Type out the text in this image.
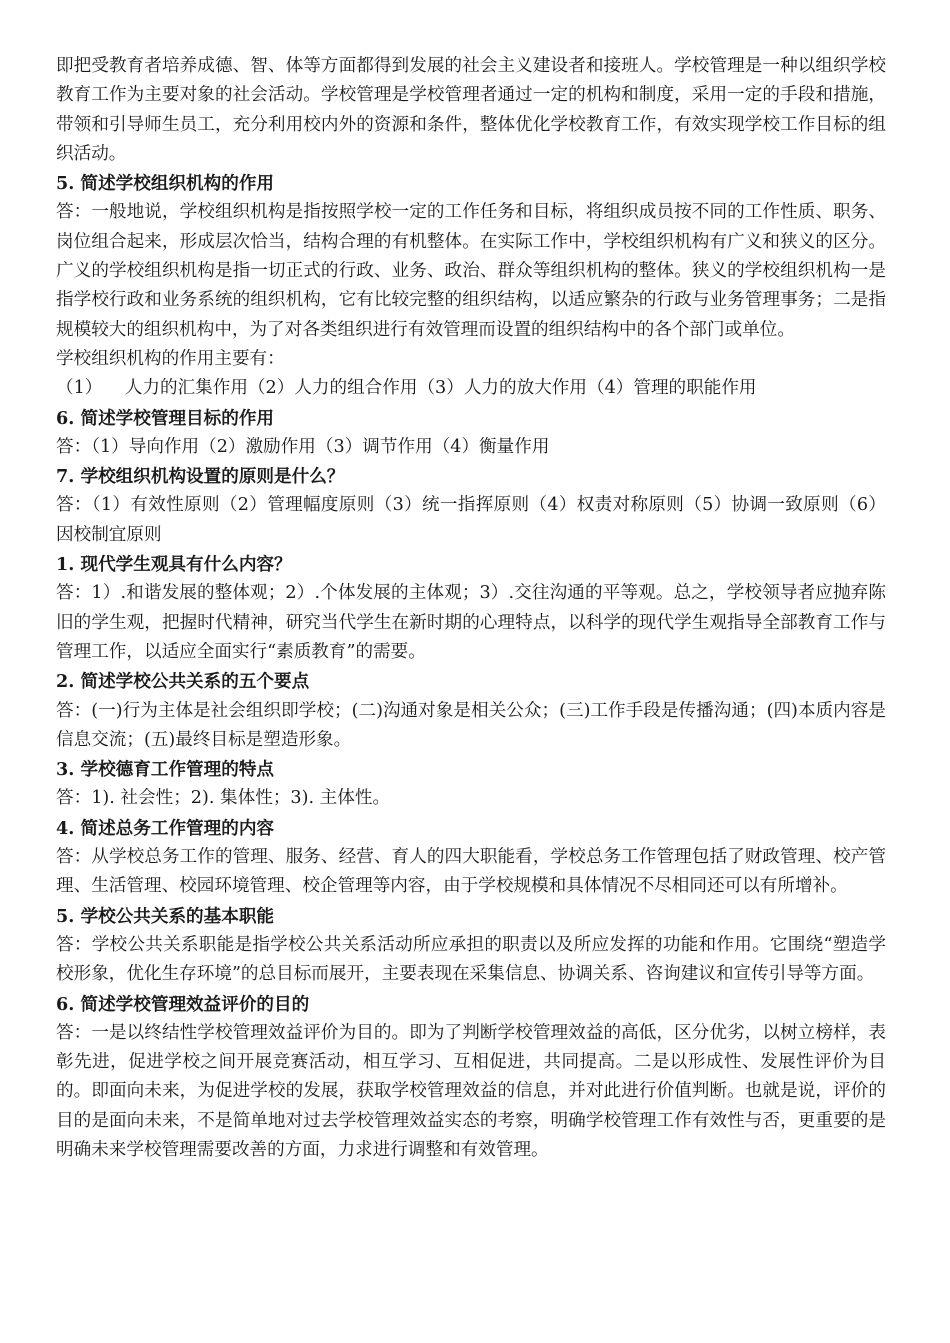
即把受教育者培养成德、智、体等方面都得到发展的社会主义建设者和接班人。学校管理是一种以组织学校教育工作为主要对象的社会活动。学校管理是学校管理者通过一定的机构和制度，采用一定的手段和措施，带领和引导师生员工，充分利用校内外的资源和条件，整体优化学校教育工作，有效实现学校工作目标的组织活动。

5. 简述学校组织机构的作用

答：一般地说，学校组织机构是指按照学校一定的工作任务和目标，将组织成员按不同的工作性质、职务、岗位组合起来，形成层次恰当，结构合理的有机整体。在实际工作中，学校组织机构有广义和狭义的区分。广义的学校组织机构是指一切正式的行政、业务、政治、群众等组织机构的整体。狭义的学校组织机构一是指学校行政和业务系统的组织机构，它有比较完整的组织结构，以适应繁杂的行政与业务管理事务；二是指规模较大的组织机构中，为了对各类组织进行有效管理而设置的组织结构中的各个部门或单位。

学校组织机构的作用主要有：

（1）    人力的汇集作用（2）人力的组合作用（3）人力的放大作用（4）管理的职能作用

6. 简述学校管理目标的作用

答：（1）导向作用（2）激励作用（3）调节作用（4）衡量作用

7. 学校组织机构设置的原则是什么？

答：（1）有效性原则（2）管理幅度原则（3）统一指挥原则（4）权责对称原则（5）协调一致原则（6）因校制宜原则

1. 现代学生观具有什么内容？

答：1）.和谐发展的整体观；2）.个体发展的主体观；3）.交往沟通的平等观。总之，学校领导者应抛弃陈旧的学生观，把握时代精神，研究当代学生在新时期的心理特点，以科学的现代学生观指导全部教育工作与管理工作，以适应全面实行“素质教育”的需要。

2. 简述学校公共关系的五个要点

答：(一)行为主体是社会组织即学校；(二)沟通对象是相关公众；(三)工作手段是传播沟通；(四)本质内容是信息交流；(五)最终目标是塑造形象。

3. 学校德育工作管理的特点

答：1). 社会性；2). 集体性；3). 主体性。

4. 简述总务工作管理的内容

答：从学校总务工作的管理、服务、经营、育人的四大职能看，学校总务工作管理包括了财政管理、校产管理、生活管理、校园环境管理、校企管理等内容，由于学校规模和具体情况不尽相同还可以有所增补。

5. 学校公共关系的基本职能

答：学校公共关系职能是指学校公共关系活动所应承担的职责以及所应发挥的功能和作用。它围绕“塑造学校形象，优化生存环境”的总目标而展开，主要表现在采集信息、协调关系、咨询建议和宣传引导等方面。

6. 简述学校管理效益评价的目的

答：一是以终结性学校管理效益评价为目的。即为了判断学校管理效益的高低，区分优劣，以树立榜样，表彰先进，促进学校之间开展竞赛活动，相互学习、互相促进，共同提高。二是以形成性、发展性评价为目的。即面向未来，为促进学校的发展，获取学校管理效益的信息，并对此进行价值判断。也就是说，评价的目的是面向未来，不是简单地对过去学校管理效益实态的考察，明确学校管理工作有效性与否，更重要的是明确未来学校管理需要改善的方面，力求进行调整和有效管理。
